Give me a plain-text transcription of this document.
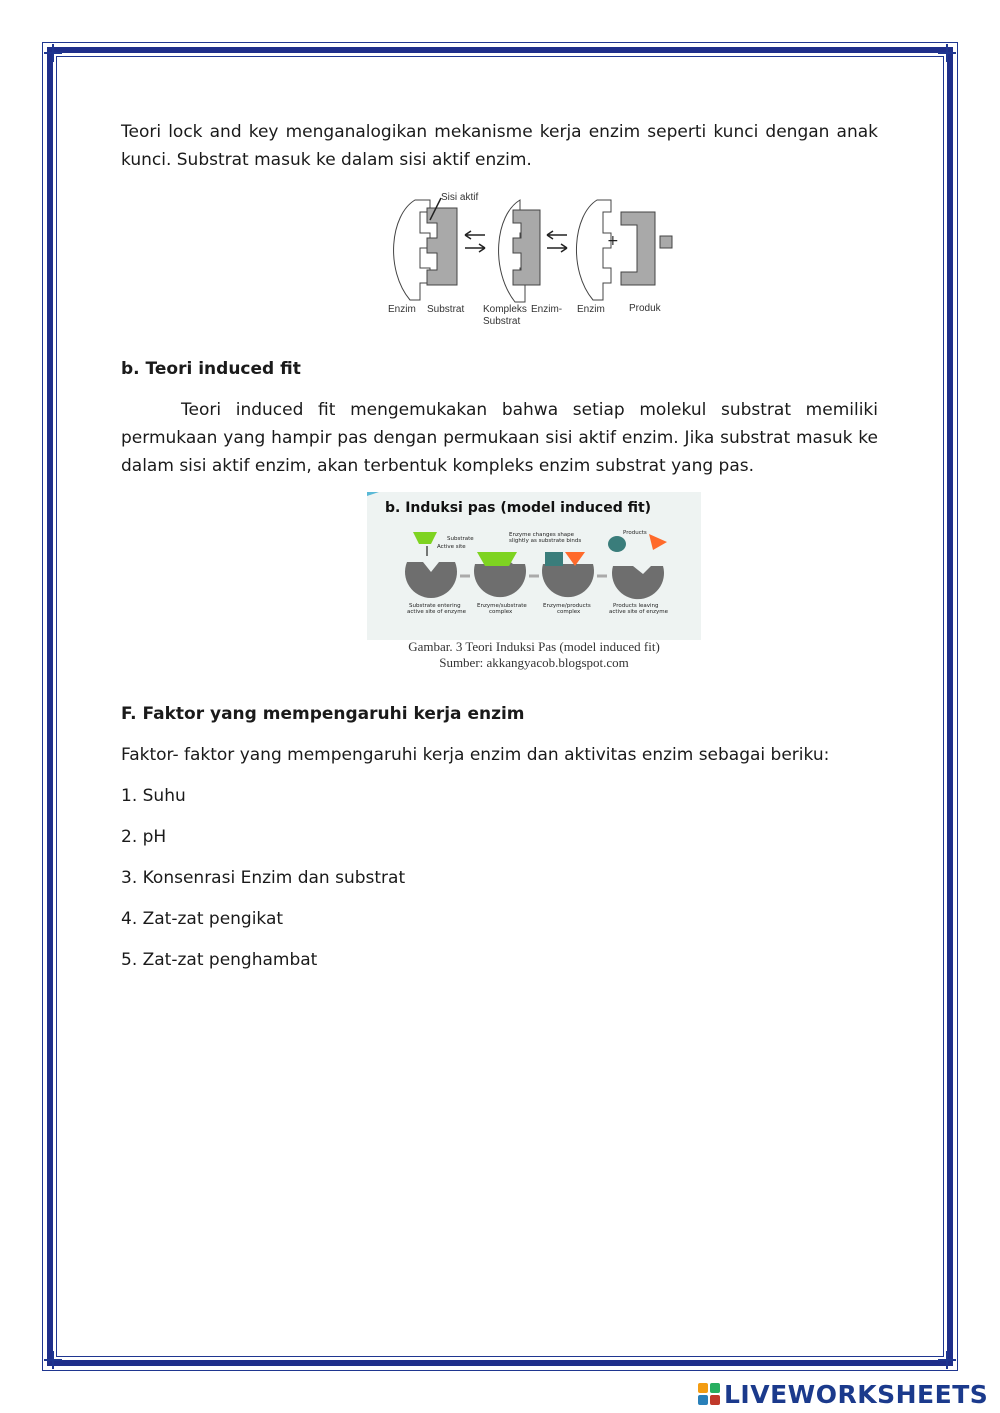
Teori lock and key menganalogikan mekanisme kerja enzim seperti kunci dengan anak kunci. Substrat masuk ke dalam sisi aktif enzim.

+
Sisi aktif
Enzim Substrat Kompleks Enzim-
Substrat
Enzim Produk

b. Teori induced fit

Teori induced fit mengemukakan bahwa setiap molekul substrat memiliki permukaan yang hampir pas dengan permukaan sisi aktif enzim. Jika substrat masuk ke dalam sisi aktif enzim, akan terbentuk kompleks enzim substrat yang pas.

b. Induksi pas (model induced fit)
Substrate
Active site
Enzyme changes shape
slightly as substrate binds
Products
Substrate entering
active site of enzyme
Enzyme/substrate
complex
Enzyme/products
complex
Products leaving
active site of enzyme
Gambar. 3 Teori Induksi Pas (model induced fit)
Sumber: akkangyacob.blogspot.com

F. Faktor yang mempengaruhi kerja enzim

Faktor- faktor yang mempengaruhi kerja enzim dan aktivitas enzim sebagai beriku:

1. Suhu

2. pH

3. Konsenrasi Enzim dan substrat

4. Zat-zat pengikat

5. Zat-zat penghambat

LIVEWORKSHEETS
